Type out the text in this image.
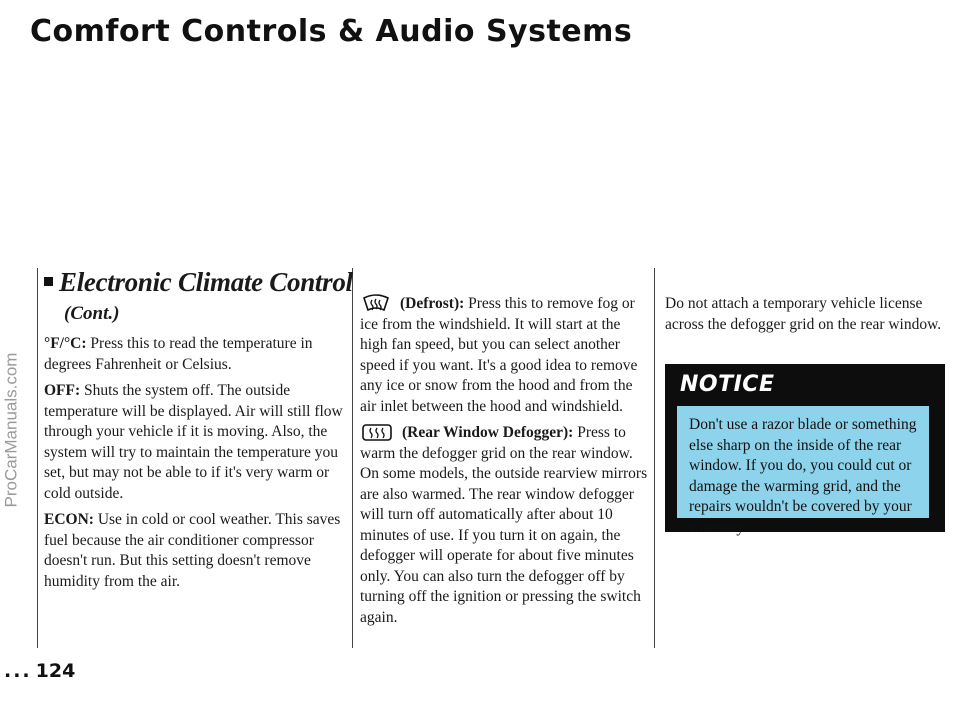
Comfort Controls & Audio Systems
ProCarManuals.com
Electronic Climate Control
(Cont.)

°F/°C: Press this to read the temperature in degrees Fahrenheit or Celsius.

OFF: Shuts the system off. The outside temperature will be displayed. Air will still flow through your vehicle if it is moving. Also, the system will try to maintain the temperature you set, but may not be able to if it's very warm or cold outside.

ECON: Use in cold or cool weather. This saves fuel because the air conditioner compressor doesn't run. But this setting doesn't remove humidity from the air.

(Defrost): Press this to remove fog or ice from the windshield. It will start at the high fan speed, but you can select another speed if you want. It's a good idea to remove any ice or snow from the hood and from the air inlet between the hood and windshield.

(Rear Window Defogger): Press to warm the defogger grid on the rear window. On some models, the outside rearview mirrors are also warmed. The rear window defogger will turn off automatically after about 10 minutes of use. If you turn it on again, the defogger will operate for about five minutes only. You can also turn the defogger off by turning off the ignition or pressing the switch again.

Do not attach a temporary vehicle license across the defogger grid on the rear window.

NOTICE
Don't use a razor blade or something else sharp on the inside of the rear window. If you do, you could cut or damage the warming grid, and the repairs wouldn't be covered by your warranty.
... 124
